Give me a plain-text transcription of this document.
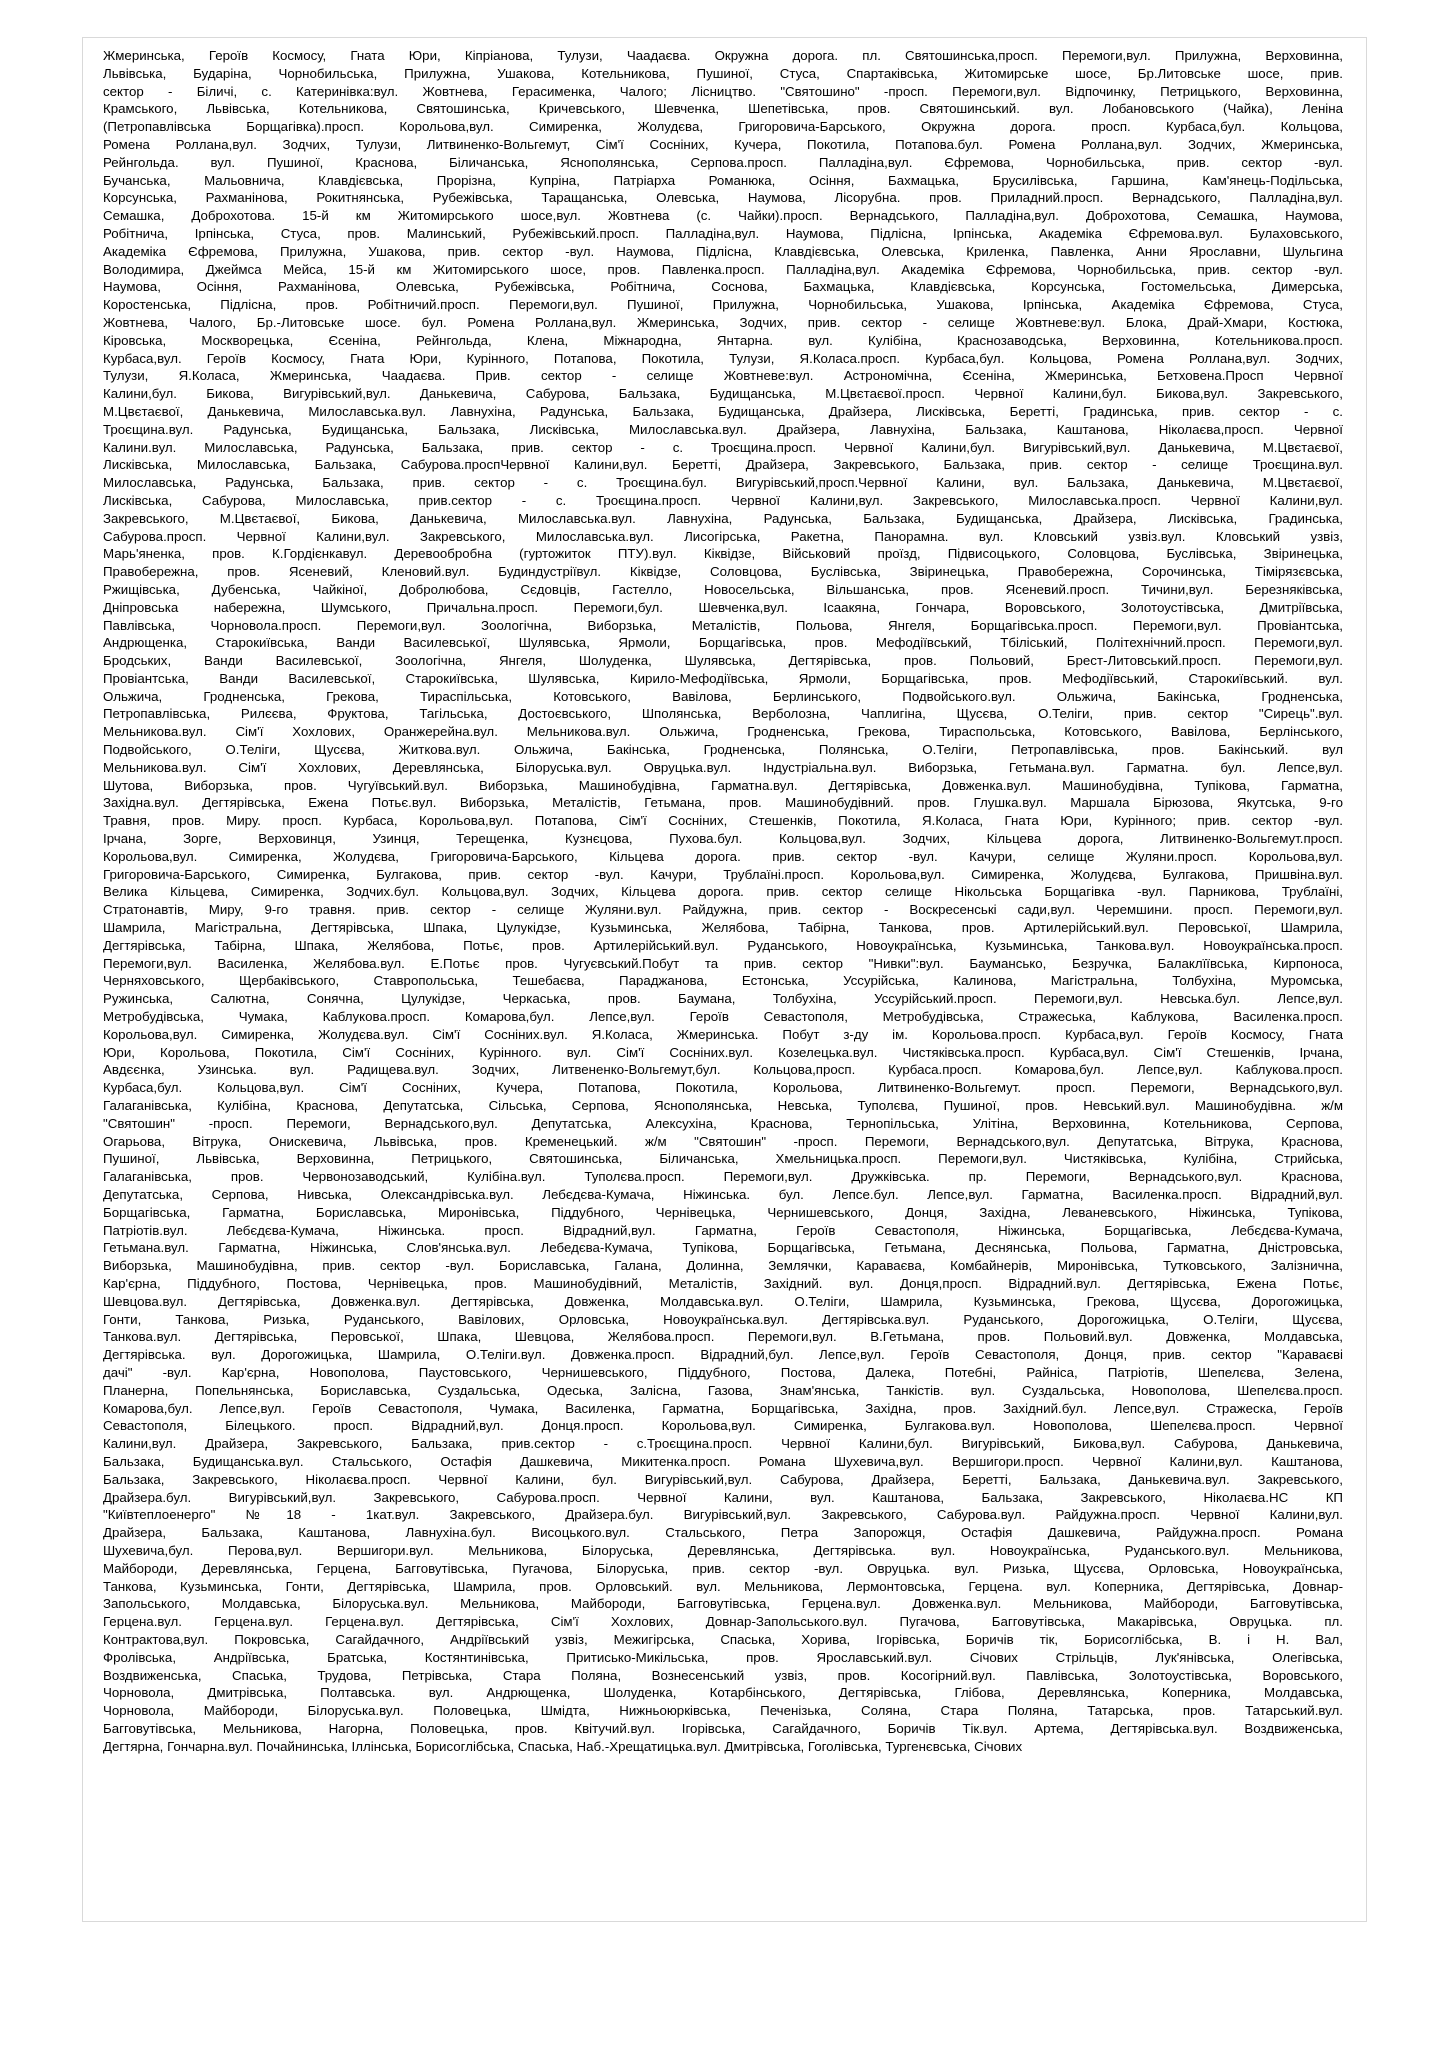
Жмеринська, Героїв Космосу, Гната Юри, Кіпріанова, Тулузи, Чаадаєва. Окружна дорога. пл. Святошинська,просп. Перемоги,вул. Прилужна, Верховинна,
Львівська, Бударіна, Чорнобильська, Прилужна, Ушакова, Котельникова, Пушиної, Стуса, Спартаківська, Житомирське шосе, Бр.Литовське шосе, прив.
сектор - Біличі, с. Катеринівка:вул. Жовтнева, Герасименка, Чалого; Лісництво. "Святошино" -просп. Перемоги,вул. Відпочинку, Петрицького, Верховинна,
Крамського, Львівська, Котельникова, Святошинська, Кричевського, Шевченка, Шепетівська, пров. Святошинський. вул. Лобановського (Чайка), Леніна
(Петропавлівська Борщагівка).просп. Корольова,вул. Симиренка, Жолудєва, Григоровича-Барського, Окружна дорога. просп. Курбаса,бул. Кольцова,
Ромена Роллана,вул. Зодчих, Тулузи, Литвиненко-Вольгемут, Сім'ї Сосніних, Кучера, Покотила, Потапова.бул. Ромена Роллана,вул. Зодчих, Жмеринська,
Рейнгольда. вул. Пушиної, Краснова, Біличанська, Яснополянська, Серпова.просп. Палладіна,вул. Єфремова, Чорнобильська, прив. сектор -вул.
Бучанська, Мальовнича, Клавдієвська, Прорізна, Купріна, Патріарха Романюка, Осіння, Бахмацька, Брусилівська, Гаршина, Кам'янець-Подільська,
Корсунська, Рахманінова, Рокитнянська, Рубежівська, Таращанська, Олевська, Наумова, Лісорубна. пров. Приладний.просп. Вернадського, Палладіна,вул.
Семашка, Доброхотова. 15-й км Житомирського шосе,вул. Жовтнева (с. Чайки).просп. Вернадського, Палладіна,вул. Доброхотова, Семашка, Наумова,
Робітнича, Ірпінська, Стуса, пров. Малинський, Рубежівський.просп. Палладіна,вул. Наумова, Підлісна, Ірпінська, Академіка Єфремова.вул. Булаховського,
Академіка Єфремова, Прилужна, Ушакова, прив. сектор -вул. Наумова, Підлісна, Клавдієвська, Олевська, Криленка, Павленка, Анни Ярославни, Шульгина
Володимира, Джеймса Мейса, 15-й км Житомирського шосе, пров. Павленка.просп. Палладіна,вул. Академіка Єфремова, Чорнобильська, прив. сектор -вул.
Наумова, Осіння, Рахманінова, Олевська, Рубежівська, Робітнича, Соснова, Бахмацька, Клавдієвська, Корсунська, Гостомельська, Димерська,
Коростенська, Підлісна, пров. Робітничий.просп. Перемоги,вул. Пушиної, Прилужна, Чорнобильська, Ушакова, Ірпінська, Академіка Єфремова, Стуса,
Жовтнева, Чалого, Бр.-Литовське шосе. бул. Ромена Роллана,вул. Жмеринська, Зодчих, прив. сектор - селище Жовтневе:вул. Блока, Драй-Хмари, Костюка,
Кіровська, Москворецька, Єсеніна, Рейнгольда, Клена, Міжнародна, Янтарна. вул. Кулібіна, Краснозаводська, Верховинна, Котельникова.просп.
Курбаса,вул. Героїв Космосу, Гната Юри, Курінного, Потапова, Покотила, Тулузи, Я.Коласа.просп. Курбаса,бул. Кольцова, Ромена Роллана,вул. Зодчих,
Тулузи, Я.Коласа, Жмеринська, Чаадаєва. Прив. сектор - селище Жовтневе:вул. Астрономічна, Єсеніна, Жмеринська, Бетховена.Просп Червної
Калини,бул. Бикова, Вигурівський,вул. Данькевича, Сабурова, Бальзака, Будищанська, М.Цвєтаєвої.просп. Червної Калини,бул. Бикова,вул. Закревського,
М.Цвєтаєвої, Данькевича, Милославська.вул. Лавнухіна, Радунська, Бальзака, Будищанська, Драйзера, Лисківська, Беретті, Градинська, прив. сектор - с.
Троєщина.вул. Радунська, Будищанська, Бальзака, Лисківська, Милославська.вул. Драйзера, Лавнухіна, Бальзака, Каштанова, Ніколаєва,просп. Червної
Калини.вул. Милославська, Радунська, Бальзака, прив. сектор - с. Троєщина.просп. Червної Калини,бул. Вигурівський,вул. Данькевича, М.Цвєтаєвої,
Лисківська, Милославська, Бальзака, Сабурова.проспЧервної Калини,вул. Беретті, Драйзера, Закревського, Бальзака, прив. сектор - селище Троєщина.вул.
Милославська, Радунська, Бальзака, прив. сектор - с. Троєщина.бул. Вигурівський,просп.Червної Калини, вул. Бальзака, Данькевича, М.Цвєтаєвої,
Лисківська, Сабурова, Милославська, прив.сектор - с. Троєщина.просп. Червної Калини,вул. Закревського, Милославська.просп. Червної Калини,вул.
Закревського, М.Цвєтаєвої, Бикова, Данькевича, Милославська.вул. Лавнухіна, Радунська, Бальзака, Будищанська, Драйзера, Лисківська, Градинська,
Сабурова.просп. Червної Калини,вул. Закревського, Милославська.вул. Лисогірська, Ракетна, Панорамна. вул. Кловський узвіз.вул. Кловський узвіз,
Марь'яненка, пров. К.Гордієнкавул. Деревообробна (гуртожиток ПТУ).вул. Кіквідзе, Військовий проїзд, Підвисоцького, Соловцова, Буслівська, Звіринецька,
Правобережна, пров. Ясеневий, Кленовий.вул. Будиндустріївул. Кіквідзе, Соловцова, Буслівська, Звіринецька, Правобережна, Сорочинська, Тімірязєвська,
Ржищівська, Дубенська, Чайкіної, Добролюбова, Сєдовців, Гастелло, Новосельська, Вільшанська, пров. Ясеневий.просп. Тичини,вул. Березняківська,
Дніпровська набережна, Шумського, Причальна.просп. Перемоги,бул. Шевченка,вул. Ісаакяна, Гончара, Воровського, Золотоустівська, Дмитріївська,
Павлівська, Чорновола.просп. Перемоги,вул. Зоологічна, Виборзька, Металістів, Польова, Янгеля, Борщагівська.просп. Перемоги,вул. Провіантська,
Андрющенка, Старокиївська, Ванди Василевської, Шулявська, Ярмоли, Борщагівська, пров. Мефодіївський, Тбіліський, Політехнічний.просп. Перемоги,вул.
Бродських, Ванди Василевської, Зоологічна, Янгеля, Шолуденка, Шулявська, Дегтярівська, пров. Польовий, Брест-Литовський.просп. Перемоги,вул.
Провіантська, Ванди Василевської, Старокиївська, Шулявська, Кирило-Мефодіївська, Ярмоли, Борщагівська, пров. Мефодіївський, Старокиївський. вул.
Ольжича, Гродненська, Грекова, Тираспільська, Котовського, Вавілова, Берлинського, Подвойського.вул. Ольжича, Бакінська, Гродненська,
Петропавлівська, Рилєєва, Фруктова, Тагільська, Достоєвського, Шполянська, Верболозна, Чаплигіна, Щусєва, О.Теліги, прив. сектор "Сирець".вул.
Мельникова.вул. Сім'ї Хохлових, Оранжерейна.вул. Мельникова.вул. Ольжича, Гродненська, Грекова, Тираспольська, Котовського, Вавілова, Берлінського,
Подвойського, О.Теліги, Щусєва, Житкова.вул. Ольжича, Бакінська, Гродненська, Полянська, О.Теліги, Петропавлівська, пров. Бакінський. вул
Мельникова.вул. Сім'ї Хохлових, Деревлянська, Білоруська.вул. Овруцька.вул. Індустріальна.вул. Виборзька, Гетьмана.вул. Гарматна. бул. Лепсе,вул.
Шутова, Виборзька, пров. Чугуївський.вул. Виборзька, Машинобудівна, Гарматна.вул. Дегтярівська, Довженка.вул. Машинобудівна, Тупікова, Гарматна,
Західна.вул. Дегтярівська, Ежена Потьє.вул. Виборзька, Металістів, Гетьмана, пров. Машинобудівний. пров. Глушка.вул. Маршала Бірюзова, Якутська, 9-го
Травня, пров. Миру. просп. Курбаса, Корольова,вул. Потапова, Сім'ї Сосніних, Стешенків, Покотила, Я.Коласа, Гната Юри, Курінного; прив. сектор -вул.
Ірчана, Зорге, Верховинця, Узинця, Терещенка, Кузнєцова, Пухова.бул. Кольцова,вул. Зодчих, Кільцева дорога, Литвиненко-Вольгемут.просп.
Корольова,вул. Симиренка, Жолудєва, Григоровича-Барського, Кільцева дорога. прив. сектор -вул. Качури, селище Жуляни.просп. Корольова,вул.
Григоровича-Барського, Симиренка, Булгакова, прив. сектор -вул. Качури, Трублаїні.просп. Корольова,вул. Симиренка, Жолудєва, Булгакова, Пришвіна.вул.
Велика Кільцева, Симиренка, Зодчих.бул. Кольцова,вул. Зодчих, Кільцева дорога. прив. сектор селище Нікольська Борщагівка -вул. Парникова, Трублаїні,
Стратонавтів, Миру, 9-го травня. прив. сектор - селище Жуляни.вул. Райдужна, прив. сектор - Воскресенські сади,вул. Черемшини. просп. Перемоги,вул.
Шамрила, Магістральна, Дегтярівська, Шпака, Цулукідзе, Кузьминська, Желябова, Табірна, Танкова, пров. Артилерійський.вул. Перовської, Шамрила,
Дегтярівська, Табірна, Шпака, Желябова, Потьє, пров. Артилерійський.вул. Руданського, Новоукраїнська, Кузьминська, Танкова.вул. Новоукраїнська.просп.
Перемоги,вул. Василенка, Желябова.вул. Е.Потьє пров. Чугуєвський.Побут та прив. сектор "Нивки":вул. Баумансько, Безручка, Балаклїївська, Кирпоноса,
Черняховського, Щербаківського, Ставропольська, Тешебаєва, Параджанова, Естонська, Уссурійська, Калинова, Магістральна, Толбухіна, Муромська,
Ружинська, Салютна, Сонячна, Цулукідзе, Черкаська, пров. Баумана, Толбухіна, Уссурійський.просп. Перемоги,вул. Невська.бул. Лепсе,вул.
Метробудівська, Чумака, Каблукова.просп. Комарова,бул. Лепсе,вул. Героїв Севастополя, Метробудівська, Стражеська, Каблукова, Василенка.просп.
Корольова,вул. Симиренка, Жолудєва.вул. Сім'ї Сосніних.вул. Я.Коласа, Жмеринська. Побут з-ду ім. Корольова.просп. Курбаса,вул. Героїв Космосу, Гната
Юри, Корольова, Покотила, Сім'ї Сосніних, Курінного. вул. Сім'ї Сосніних.вул. Козелецька.вул. Чистяківська.просп. Курбаса,вул. Сім'ї Стешенків, Ірчана,
Авдєєнка, Узинська. вул. Радищева.вул. Зодчих, Литвененко-Вольгемут,бул. Кольцова,просп. Курбаса.просп. Комарова,бул. Лепсе,вул. Каблукова.просп.
Курбаса,бул. Кольцова,вул. Сім'ї Сосніних, Кучера, Потапова, Покотила, Корольова, Литвиненко-Вольгемут. просп. Перемоги, Вернадського,вул.
Галаганівська, Кулібіна, Краснова, Депутатська, Сільська, Серпова, Яснополянська, Невська, Туполєва, Пушиної, пров. Невський.вул. Машинобудівна. ж/м
"Святошин" -просп. Перемоги, Вернадського,вул. Депутатська, Алексухіна, Краснова, Тернопільська, Улітіна, Верховинна, Котельникова, Серпова,
Огарьова, Вітрука, Онискевича, Львівська, пров. Кременецький. ж/м "Святошин" -просп. Перемоги, Вернадського,вул. Депутатська, Вітрука, Краснова,
Пушиної, Львівська, Верховинна, Петрицького, Святошинська, Біличанська, Хмельницька.просп. Перемоги,вул. Чистяківська, Кулібіна, Стрийська,
Галаганівська, пров. Червонозаводський, Кулібіна.вул. Туполєва.просп. Перемоги,вул. Дружківська. пр. Перемоги, Вернадського,вул. Краснова,
Депутатська, Серпова, Нивська, Олександрівська.вул. Лебєдєва-Кумача, Ніжинська. бул. Лепсе.бул. Лепсе,вул. Гарматна, Василенка.просп. Відрадний,вул.
Борщагівська, Гарматна, Бориславська, Миронівська, Піддубного, Чернівецька, Чернишевського, Донця, Західна, Леваневського, Ніжинська, Тупікова,
Патріотів.вул. Лебєдєва-Кумача, Ніжинська. просп. Відрадний,вул. Гарматна, Героїв Севастополя, Ніжинська, Борщагівська, Лебєдєва-Кумача,
Гетьмана.вул. Гарматна, Ніжинська, Слов'янська.вул. Лебедєва-Кумача, Тупікова, Борщагівська, Гетьмана, Деснянська, Польова, Гарматна, Дністровська,
Виборзька, Машинобудівна, прив. сектор -вул. Бориславська, Галана, Долинна, Землячки, Караваєва, Комбайнерів, Миронівська, Тутковського, Залізнична,
Кар'єрна, Піддубного, Постова, Чернівецька, пров. Машинобудівний, Металістів, Західний. вул. Донця,просп. Відрадний.вул. Дегтярівська, Ежена Потьє,
Шевцова.вул. Дегтярівська, Довженка.вул. Дегтярівська, Довженка, Молдавська.вул. О.Теліги, Шамрила, Кузьминська, Грекова, Щусєва, Дорогожицька,
Гонти, Танкова, Ризька, Руданського, Вавілових, Орловська, Новоукраїнська.вул. Дегтярівська.вул. Руданського, Дорогожицька, О.Теліги, Щусєва,
Танкова.вул. Дегтярівська, Перовської, Шпака, Шевцова, Желябова.просп. Перемоги,вул. В.Гетьмана, пров. Польовий.вул. Довженка, Молдавська,
Дегтярівська. вул. Дорогожицька, Шамрила, О.Теліги.вул. Довженка.просп. Відрадний,бул. Лепсе,вул. Героїв Севастополя, Донця, прив. сектор "Караваєві
дачі" -вул. Кар'єрна, Новополова, Паустовського, Чернишевського, Піддубного, Постова, Далека, Потебні, Райніса, Патріотів, Шепелєва, Зелена,
Планерна, Попельнянська, Бориславська, Суздальська, Одеська, Залісна, Газова, Знам'янська, Танкістів. вул. Суздальська, Новополова, Шепелєва.просп.
Комарова,бул. Лепсе,вул. Героїв Севастополя, Чумака, Василенка, Гарматна, Борщагівська, Західна, пров. Західний.бул. Лепсе,вул. Стражеска, Героїв
Севастополя, Білецького. просп. Відрадний,вул. Донця.просп. Корольова,вул. Симиренка, Булгакова.вул. Новополова, Шепелєва.просп. Червної
Калини,вул. Драйзера, Закревського, Бальзака, прив.сектор - с.Троєщина.просп. Червної Калини,бул. Вигурівський, Бикова,вул. Сабурова, Данькевича,
Бальзака, Будищанська.вул. Стальського, Остафія Дашкевича, Микитенка.просп. Романа Шухевича,вул. Вершигори.просп. Червної Калини,вул. Каштанова,
Бальзака, Закревського, Ніколаєва.просп. Червної Калини, бул. Вигурівський,вул. Сабурова, Драйзера, Беретті, Бальзака, Данькевича.вул. Закревського,
Драйзера.бул. Вигурівський,вул. Закревського, Сабурова.просп. Червної Калини, вул. Каштанова, Бальзака, Закревського, Ніколаєва.НС КП
"Київтеплоенерго" №18 - 1кат.вул. Закревського, Драйзера.бул. Вигурівський,вул. Закревського, Сабурова.вул. Райдужна.просп. Червної Калини,вул.
Драйзера, Бальзака, Каштанова, Лавнухіна.бул. Висоцького.вул. Стальського, Петра Запорожця, Остафія Дашкевича, Райдужна.просп. Романа
Шухевича,бул. Перова,вул. Вершигори.вул. Мельникова, Білоруська, Деревлянська, Дегтярівська. вул. Новоукраїнська, Руданського.вул. Мельникова,
Майбороди, Деревлянська, Герцена, Багговутівська, Пугачова, Білоруська, прив. сектор -вул. Овруцька. вул. Ризька, Щусєва, Орловська, Новоукраїнська,
Танкова, Кузьминська, Гонти, Дегтярівська, Шамрила, пров. Орловський. вул. Мельникова, Лермонтовська, Герцена. вул. Коперника, Дегтярівська, Довнар-
Запольського, Молдавська, Білоруська.вул. Мельникова, Майбороди, Багговутівська, Герцена.вул. Довженка.вул. Мельникова, Майбороди, Багговутівська,
Герцена.вул. Герцена.вул. Герцена.вул. Дегтярівська, Сім'ї Хохлових, Довнар-Запольського.вул. Пугачова, Багговутівська, Макарівська, Овруцька. пл.
Контрактова,вул. Покровська, Сагайдачного, Андріївський узвіз, Межигірська, Спаська, Хорива, Ігорівська, Боричів тік, Борисоглібська, В. і Н. Вал,
Фролівська, Андріївська, Братська, Костянтинівська, Притисько-Микільська, пров. Ярославський.вул. Січових Стрільців, Лук'янівська, Олегівська,
Воздвиженська, Спаська, Трудова, Петрівська, Стара Поляна, Вознесенський узвіз, пров. Косогірний.вул. Павлівська, Золотоустівська, Воровського,
Чорновола, Дмитрівська, Полтавська. вул. Андрющенка, Шолуденка, Котарбінського, Дегтярівська, Глібова, Деревлянська, Коперника, Молдавська,
Чорновола, Майбороди, Білоруська.вул. Половецька, Шмідта, Нижньоюрківська, Печенізька, Соляна, Стара Поляна, Татарська, пров. Татарський.вул.
Багговутівська, Мельникова, Нагорна, Половецька, пров. Квітучий.вул. Ігорівська, Сагайдачного, Боричів Тік.вул. Артема, Дегтярівська.вул. Воздвиженська,
Дегтярна, Гончарна.вул. Почайнинська, Іллінська, Борисоглібська, Спаська, Наб.-Хрещатицька.вул. Дмитрівська, Гоголівська, Тургенєвська, Січових
